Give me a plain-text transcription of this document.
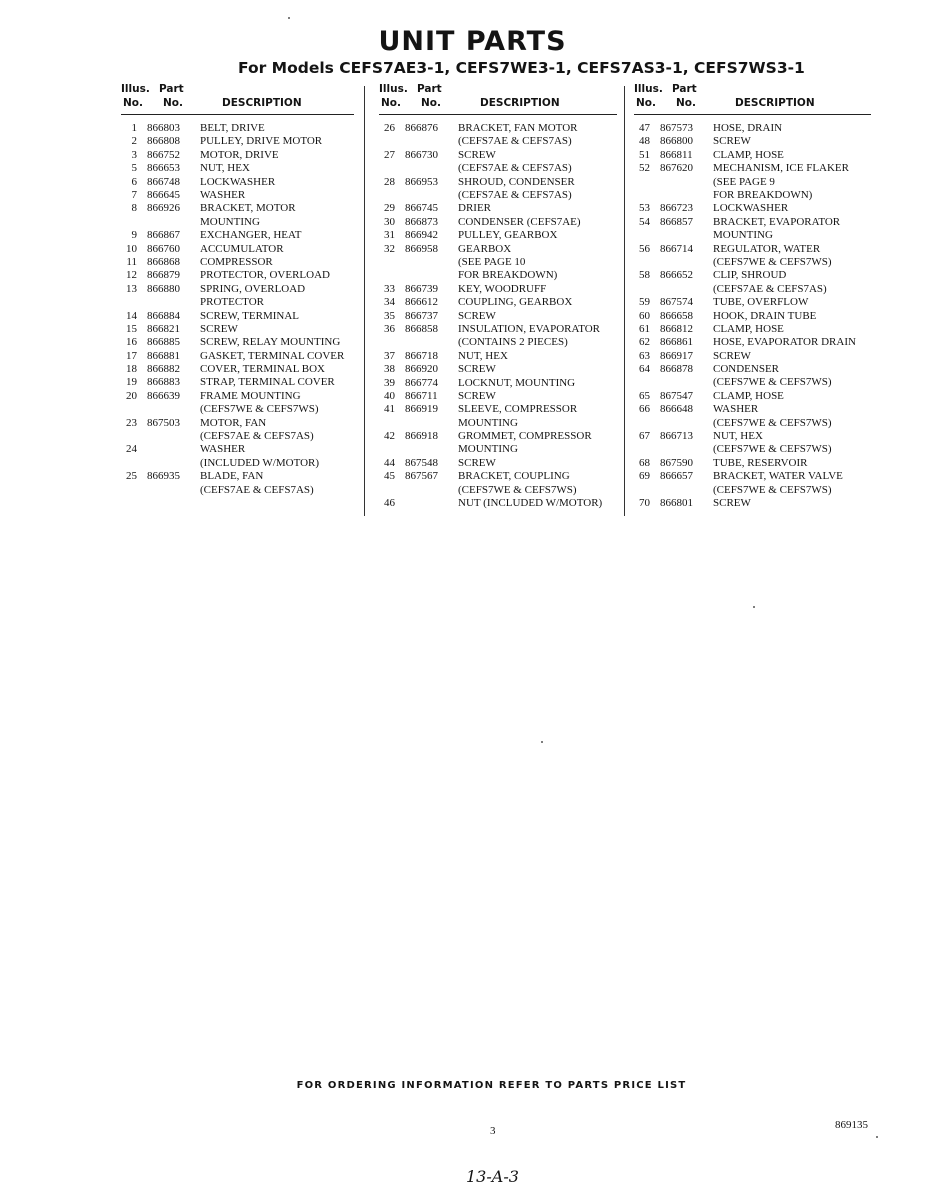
UNIT PARTS
For Models CEFS7AE3-1, CEFS7WE3-1, CEFS7AS3-1, CEFS7WS3-1
Illus. Part
No. No.	DESCRIPTION
1 866803 BELT, DRIVE
2 866808 PULLEY, DRIVE MOTOR
3 866752 MOTOR, DRIVE
5 866653 NUT, HEX
6 866748 LOCKWASHER
7 866645 WASHER
8 866926 BRACKET, MOTOR
MOUNTING
9 866867 EXCHANGER, HEAT
10 866760 ACCUMULATOR
11 866868 COMPRESSOR
12 866879 PROTECTOR, OVERLOAD
13 866880 SPRING, OVERLOAD
PROTECTOR
14 866884 SCREW, TERMINAL
15 866821 SCREW
16 866885 SCREW, RELAY MOUNTING
17 866881 GASKET, TERMINAL COVER
18 866882 COVER, TERMINAL BOX
19 866883 STRAP, TERMINAL COVER
20 866639 FRAME MOUNTING
(CEFS7WE & CEFS7WS)
23 867503 MOTOR, FAN
(CEFS7AE & CEFS7AS)
24	WASHER
(INCLUDED W/MOTOR)
25 866935 BLADE, FAN
(CEFS7AE & CEFS7AS)
Illus. Part
No. No.	DESCRIPTION
26 866876 BRACKET, FAN MOTOR
(CEFS7AE & CEFS7AS)
27 866730 SCREW
(CEFS7AE & CEFS7AS)
28 866953 SHROUD, CONDENSER
(CEFS7AE & CEFS7AS)
29 866745 DRIER
30 866873 CONDENSER (CEFS7AE)
31 866942 PULLEY, GEARBOX
32 866958 GEARBOX
(SEE PAGE 10
FOR BREAKDOWN)
33 866739 KEY, WOODRUFF
34 866612 COUPLING, GEARBOX
35 866737 SCREW
36 866858 INSULATION, EVAPORATOR
(CONTAINS 2 PIECES)
37 866718 NUT, HEX
38 866920 SCREW
39 866774 LOCKNUT, MOUNTING
40 866711 SCREW
41 866919 SLEEVE, COMPRESSOR
MOUNTING
42 866918 GROMMET, COMPRESSOR
MOUNTING
44 867548 SCREW
45 867567 BRACKET, COUPLING
(CEFS7WE & CEFS7WS)
46	NUT (INCLUDED W/MOTOR)
Illus. Part
No. No.	DESCRIPTION
47 867573 HOSE, DRAIN
48 866800 SCREW
51 866811 CLAMP, HOSE
52 867620 MECHANISM, ICE FLAKER
(SEE PAGE 9
FOR BREAKDOWN)
53 866723 LOCKWASHER
54 866857 BRACKET, EVAPORATOR
MOUNTING
56 866714 REGULATOR, WATER
(CEFS7WE & CEFS7WS)
58 866652 CLIP, SHROUD
(CEFS7AE & CEFS7AS)
59 867574 TUBE, OVERFLOW
60 866658 HOOK, DRAIN TUBE
61 866812 CLAMP, HOSE
62 866861 HOSE, EVAPORATOR DRAIN
63 866917 SCREW
64 866878 CONDENSER
(CEFS7WE & CEFS7WS)
65 867547 CLAMP, HOSE
66 866648 WASHER
(CEFS7WE & CEFS7WS)
67 866713 NUT, HEX
(CEFS7WE & CEFS7WS)
68 867590 TUBE, RESERVOIR
69 866657 BRACKET, WATER VALVE
(CEFS7WE & CEFS7WS)
70 866801 SCREW
FOR ORDERING INFORMATION REFER TO PARTS PRICE LIST
3	869135
13-A-3
